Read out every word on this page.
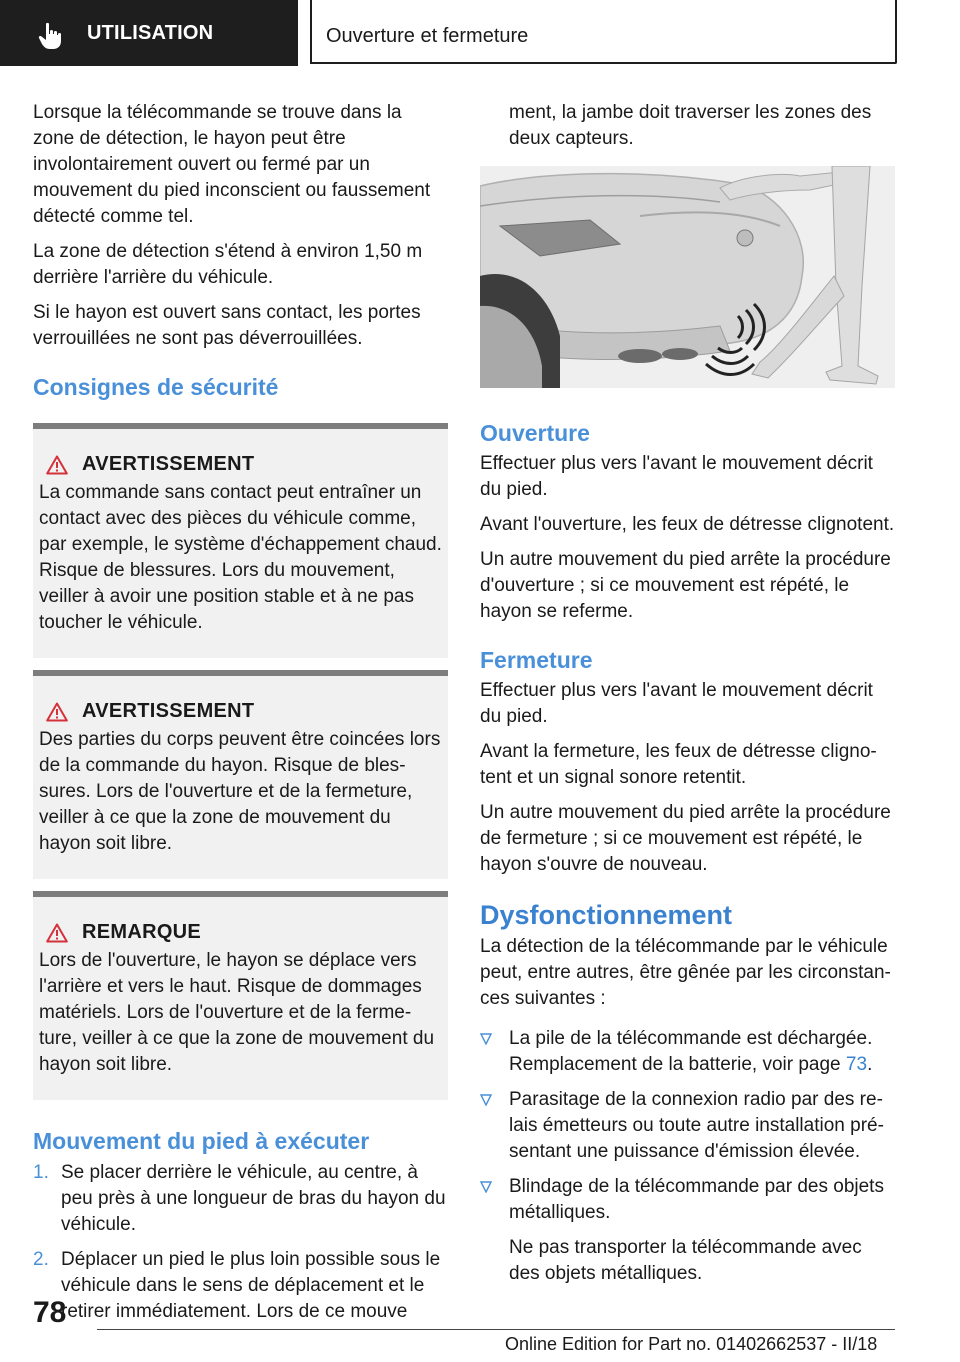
UTILISATION	Ouverture et fermeture

Lorsque la télécommande se trouve dans la zone de détection, le hayon peut être involontairement ouvert ou fermé par un mouvement du pied inconscient ou faussement détecté comme tel.

La zone de détection s'étend à environ 1,50 m derrière l'arrière du véhicule.

Si le hayon est ouvert sans contact, les portes verrouillées ne sont pas déverrouillées.

Consignes de sécurité
AVERTISSEMENT

La commande sans contact peut entraîner un contact avec des pièces du véhicule comme, par exemple, le système d'échappement chaud. Risque de blessures. Lors du mouvement, veiller à avoir une position stable et à ne pas toucher le véhicule.

AVERTISSEMENT

Des parties du corps peuvent être coincées lors de la commande du hayon. Risque de blessures. Lors de l'ouverture et de la fermeture, veiller à ce que la zone de mouvement du hayon soit libre.

REMARQUE

Lors de l'ouverture, le hayon se déplace vers l'arrière et vers le haut. Risque de dommages matériels. Lors de l'ouverture et de la fermeture, veiller à ce que la zone de mouvement du hayon soit libre.

Mouvement du pied à exécuter
1. Se placer derrière le véhicule, au centre, à peu près à une longueur de bras du hayon du véhicule.
2. Déplacer un pied le plus loin possible sous le véhicule dans le sens de déplacement et le retirer immédiatement. Lors de ce mouve

ment, la jambe doit traverser les zones des deux capteurs.

Ouverture

Effectuer plus vers l'avant le mouvement décrit du pied.

Avant l'ouverture, les feux de détresse clignotent.

Un autre mouvement du pied arrête la procédure d'ouverture ; si ce mouvement est répété, le hayon se referme.

Fermeture

Effectuer plus vers l'avant le mouvement décrit du pied.

Avant la fermeture, les feux de détresse clignotent et un signal sonore retentit.

Un autre mouvement du pied arrête la procédure de fermeture ; si ce mouvement est répété, le hayon s'ouvre de nouveau.

Dysfonctionnement

La détection de la télécommande par le véhicule peut, entre autres, être gênée par les circonstances suivantes :

La pile de la télécommande est déchargée. Remplacement de la batterie, voir page 73.
Parasitage de la connexion radio par des relais émetteurs ou toute autre installation présentant une puissance d'émission élevée.
Blindage de la télécommande par des objets métalliques.

Ne pas transporter la télécommande avec des objets métalliques.

78
Online Edition for Part no. 01402662537 - II/18
